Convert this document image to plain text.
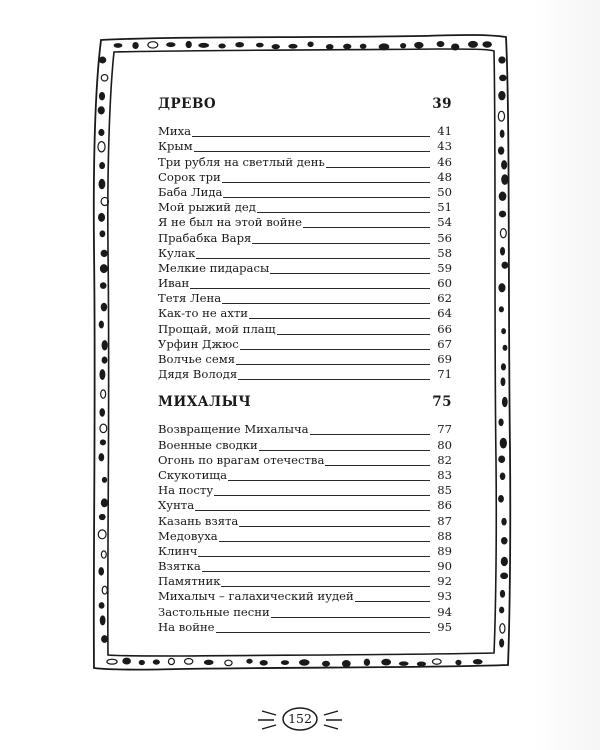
ДРЕВО	39
Миха	41
Крым	43
Три рубля на светлый день	46
Сорок три	48
Баба Лида	50
Мой рыжий дед	51
Я не был на этой войне	54
Прабабка Варя	56
Кулак	58
Мелкие пидарасы	59
Иван	60
Тетя Лена	62
Как-то не ахти	64
Прощай, мой плащ	66
Урфин Джюс	67
Волчье семя	69
Дядя Володя	71
МИХАЛЫЧ	75
Возвращение Михалыча	77
Военные сводки	80
Огонь по врагам отечества	82
Скукотища	83
На посту	85
Хунта	86
Казань взята	87
Медовуха	88
Клинч	89
Взятка	90
Памятник	92
Михалыч – галахический иудей	93
Застольные песни	94
На войне	95
152
